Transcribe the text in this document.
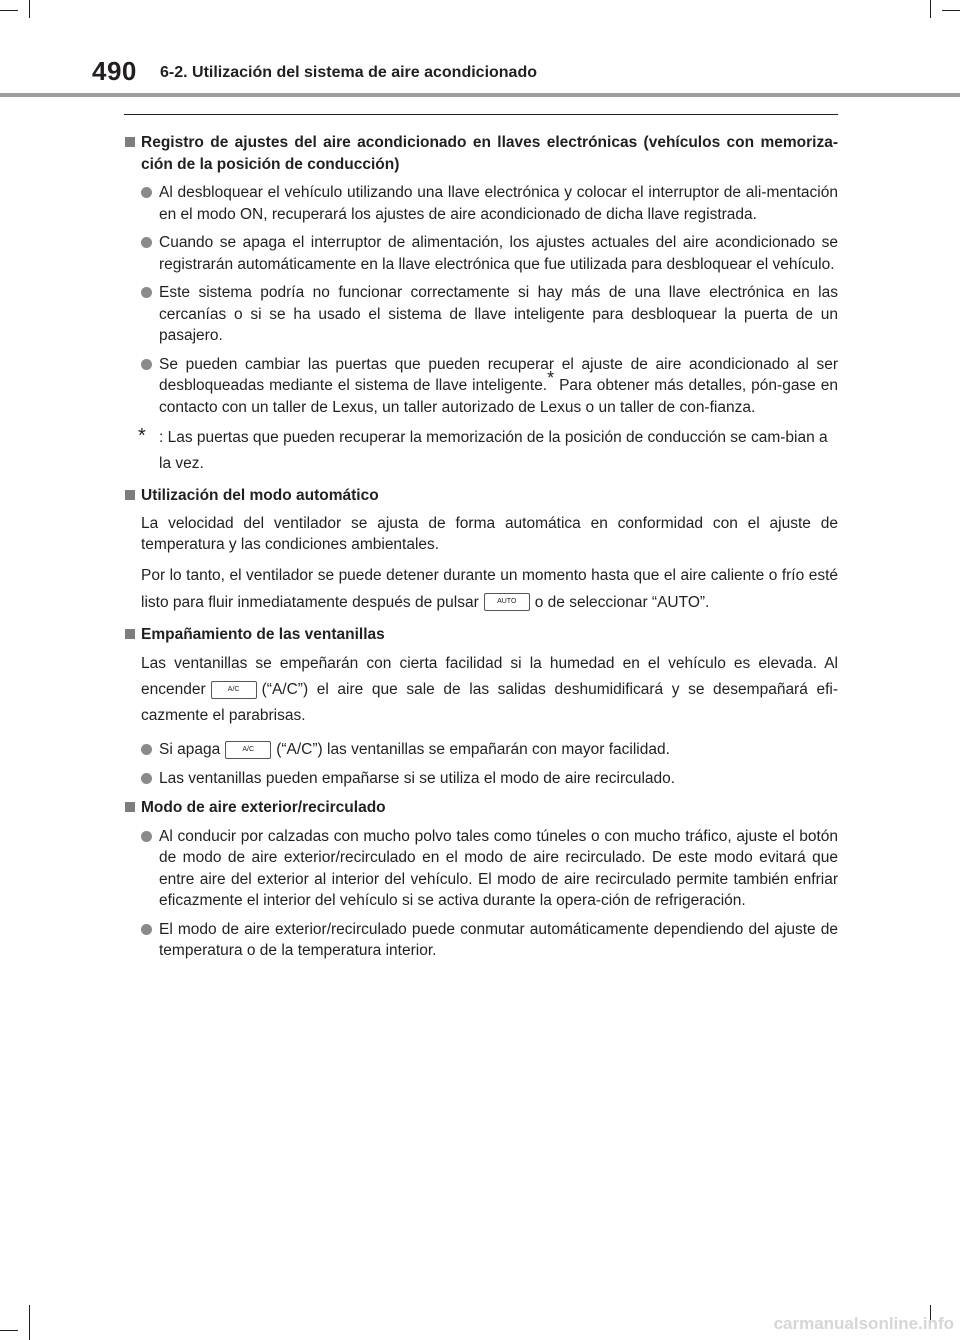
490 6-2. Utilización del sistema de aire acondicionado
Registro de ajustes del aire acondicionado en llaves electrónicas (vehículos con memoriza-ción de la posición de conducción)
Al desbloquear el vehículo utilizando una llave electrónica y colocar el interruptor de ali-mentación en el modo ON, recuperará los ajustes de aire acondicionado de dicha llave registrada.
Cuando se apaga el interruptor de alimentación, los ajustes actuales del aire acondicionado se registrarán automáticamente en la llave electrónica que fue utilizada para desbloquear el vehículo.
Este sistema podría no funcionar correctamente si hay más de una llave electrónica en las cercanías o si se ha usado el sistema de llave inteligente para desbloquear la puerta de un pasajero.
Se pueden cambiar las puertas que pueden recuperar el ajuste de aire acondicionado al ser desbloqueadas mediante el sistema de llave inteligente.* Para obtener más detalles, pón-gase en contacto con un taller de Lexus, un taller autorizado de Lexus o un taller de con-fianza.
* : Las puertas que pueden recuperar la memorización de la posición de conducción se cam-bian a la vez.
Utilización del modo automático
La velocidad del ventilador se ajusta de forma automática en conformidad con el ajuste de temperatura y las condiciones ambientales.
Por lo tanto, el ventilador se puede detener durante un momento hasta que el aire caliente o frío esté listo para fluir inmediatamente después de pulsar	AUTO o de seleccionar “AUTO”.
Empañamiento de las ventanillas
Las ventanillas se empeñarán con cierta facilidad si la humedad en el vehículo es elevada. Al encender	A/C (“A/C”) el aire que sale de las salidas deshumidificará y se desempañará efi-cazmente el parabrisas.
Si apaga	A/C (“A/C”) las ventanillas se empañarán con mayor facilidad.
Las ventanillas pueden empañarse si se utiliza el modo de aire recirculado.
Modo de aire exterior/recirculado
Al conducir por calzadas con mucho polvo tales como túneles o con mucho tráfico, ajuste el botón de modo de aire exterior/recirculado en el modo de aire recirculado. De este modo evitará que entre aire del exterior al interior del vehículo. El modo de aire recirculado permite también enfriar eficazmente el interior del vehículo si se activa durante la opera-ción de refrigeración.
El modo de aire exterior/recirculado puede conmutar automáticamente dependiendo del ajuste de temperatura o de la temperatura interior.
carmanualsonline.info
